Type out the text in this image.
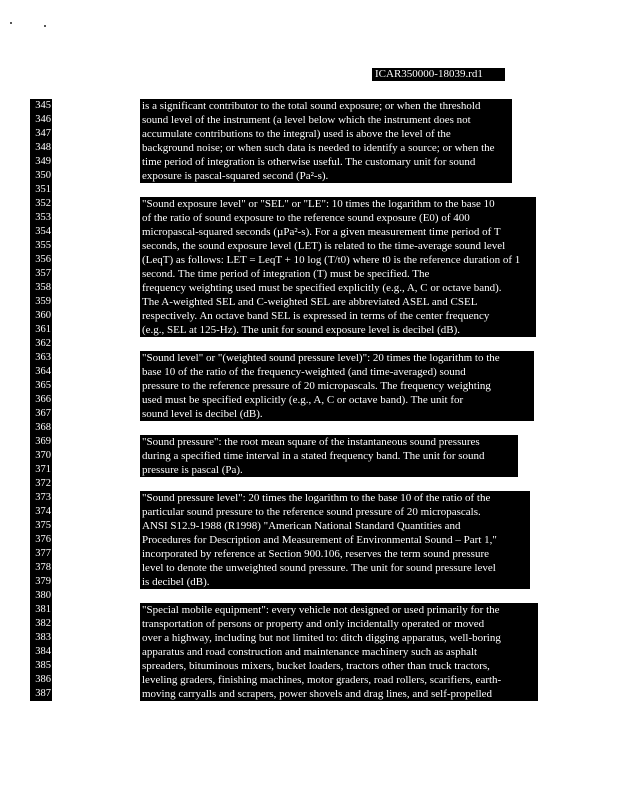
ICAR350000-18039.rd1
345
346
347
348
349
350
351
352
353
354
355
356
357
358
359
360
361
362
363
364
365
366
367
368
369
370
371
372
373
374
375
376
377
378
379
380
381
382
383
384
385
386
387
is a significant contributor to the total sound exposure; or when the threshold
sound level of the instrument (a level below which the instrument does not
accumulate contributions to the integral) used is above the level of the
background noise; or when such data is needed to identify a source; or when the
time period of integration is otherwise useful. The customary unit for sound
exposure is pascal-squared second (Pa²-s).
"Sound exposure level" or "SEL" or "LE": 10 times the logarithm to the base 10
of the ratio of sound exposure to the reference sound exposure (E0) of 400
micropascal-squared seconds (µPa²-s). For a given measurement time period of T
seconds, the sound exposure level (LET) is related to the time-average sound level
(LeqT) as follows: LET = LeqT + 10 log (T/t0) where t0 is the reference duration of 1
second. The time period of integration (T) must be specified. The
frequency weighting used must be specified explicitly (e.g., A, C or octave band).
The A-weighted SEL and C-weighted SEL are abbreviated ASEL and CSEL
respectively. An octave band SEL is expressed in terms of the center frequency
(e.g., SEL at 125-Hz). The unit for sound exposure level is decibel (dB).
"Sound level" or "(weighted sound pressure level)": 20 times the logarithm to the
base 10 of the ratio of the frequency-weighted (and time-averaged) sound
pressure to the reference pressure of 20 micropascals. The frequency weighting
used must be specified explicitly (e.g., A, C or octave band). The unit for
sound level is decibel (dB).
"Sound pressure": the root mean square of the instantaneous sound pressures
during a specified time interval in a stated frequency band. The unit for sound
pressure is pascal (Pa).
"Sound pressure level": 20 times the logarithm to the base 10 of the ratio of the
particular sound pressure to the reference sound pressure of 20 micropascals.
ANSI S12.9-1988 (R1998) "American National Standard Quantities and
Procedures for Description and Measurement of Environmental Sound – Part 1,"
incorporated by reference at Section 900.106, reserves the term sound pressure
level to denote the unweighted sound pressure. The unit for sound pressure level
is decibel (dB).
"Special mobile equipment": every vehicle not designed or used primarily for the
transportation of persons or property and only incidentally operated or moved
over a highway, including but not limited to: ditch digging apparatus, well-boring
apparatus and road construction and maintenance machinery such as asphalt
spreaders, bituminous mixers, bucket loaders, tractors other than truck tractors,
leveling graders, finishing machines, motor graders, road rollers, scarifiers, earth-
moving carryalls and scrapers, power shovels and drag lines, and self-propelled
